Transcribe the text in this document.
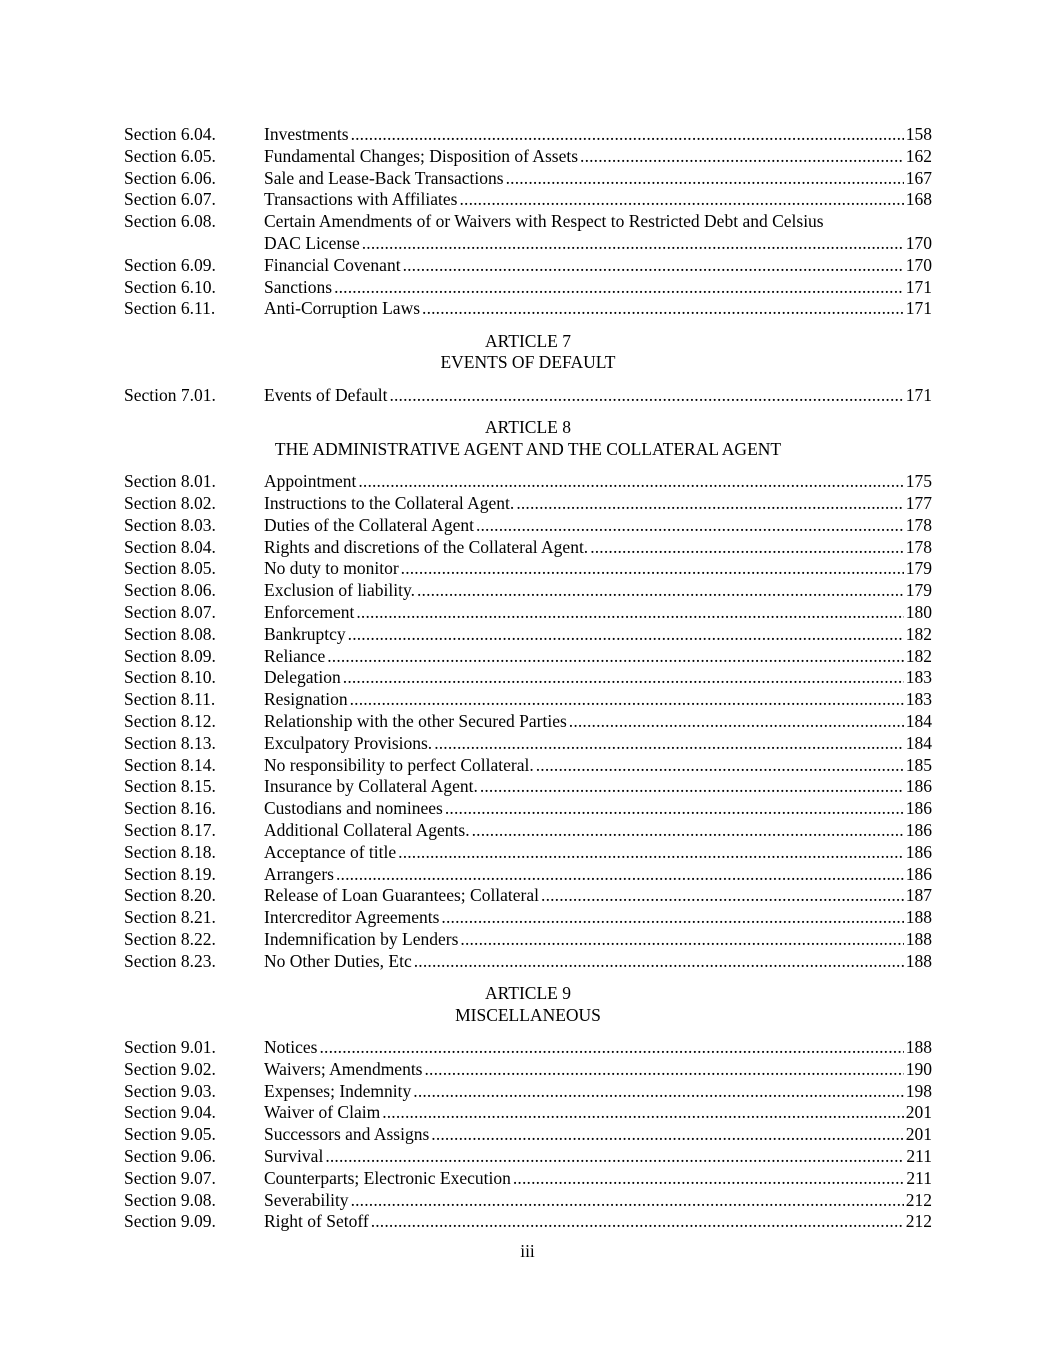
Section 6.04.	Investments . . .	158
Section 6.05.	Fundamental Changes; Disposition of Assets . . .	162
Section 6.06.	Sale and Lease-Back Transactions . . .	167
Section 6.07.	Transactions with Affiliates . . .	168
Section 6.08.	Certain Amendments of or Waivers with Respect to Restricted Debt and Celsius
DAC License . . .	170
Section 6.09.	Financial Covenant . . .	170
Section 6.10.	Sanctions . . .	171
Section 6.11.	Anti-Corruption Laws . . .	171
ARTICLE 7
EVENTS OF DEFAULT
Section 7.01.	Events of Default . . .	171
ARTICLE 8
THE ADMINISTRATIVE AGENT AND THE COLLATERAL AGENT
Section 8.01.	Appointment . . .	175
Section 8.02.	Instructions to the Collateral Agent. . . .	177
Section 8.03.	Duties of the Collateral Agent . . .	178
Section 8.04.	Rights and discretions of the Collateral Agent. . . .	178
Section 8.05.	No duty to monitor . . .	179
Section 8.06.	Exclusion of liability. . . .	179
Section 8.07.	Enforcement . . .	180
Section 8.08.	Bankruptcy . . .	182
Section 8.09.	Reliance . . .	182
Section 8.10.	Delegation . . .	183
Section 8.11.	Resignation . . .	183
Section 8.12.	Relationship with the other Secured Parties . . .	184
Section 8.13.	Exculpatory Provisions. . . .	184
Section 8.14.	No responsibility to perfect Collateral. . . .	185
Section 8.15.	Insurance by Collateral Agent. . . .	186
Section 8.16.	Custodians and nominees . . .	186
Section 8.17.	Additional Collateral Agents. . . .	186
Section 8.18.	Acceptance of title . . .	186
Section 8.19.	Arrangers . . .	186
Section 8.20.	Release of Loan Guarantees; Collateral . . .	187
Section 8.21.	Intercreditor Agreements . . .	188
Section 8.22.	Indemnification by Lenders . . .	188
Section 8.23.	No Other Duties, Etc . . .	188
ARTICLE 9
MISCELLANEOUS
Section 9.01.	Notices . . .	188
Section 9.02.	Waivers; Amendments . . .	190
Section 9.03.	Expenses; Indemnity . . .	198
Section 9.04.	Waiver of Claim . . .	201
Section 9.05.	Successors and Assigns . . .	201
Section 9.06.	Survival . . .	211
Section 9.07.	Counterparts; Electronic Execution . . .	211
Section 9.08.	Severability . . .	212
Section 9.09.	Right of Setoff . . .	212
iii
